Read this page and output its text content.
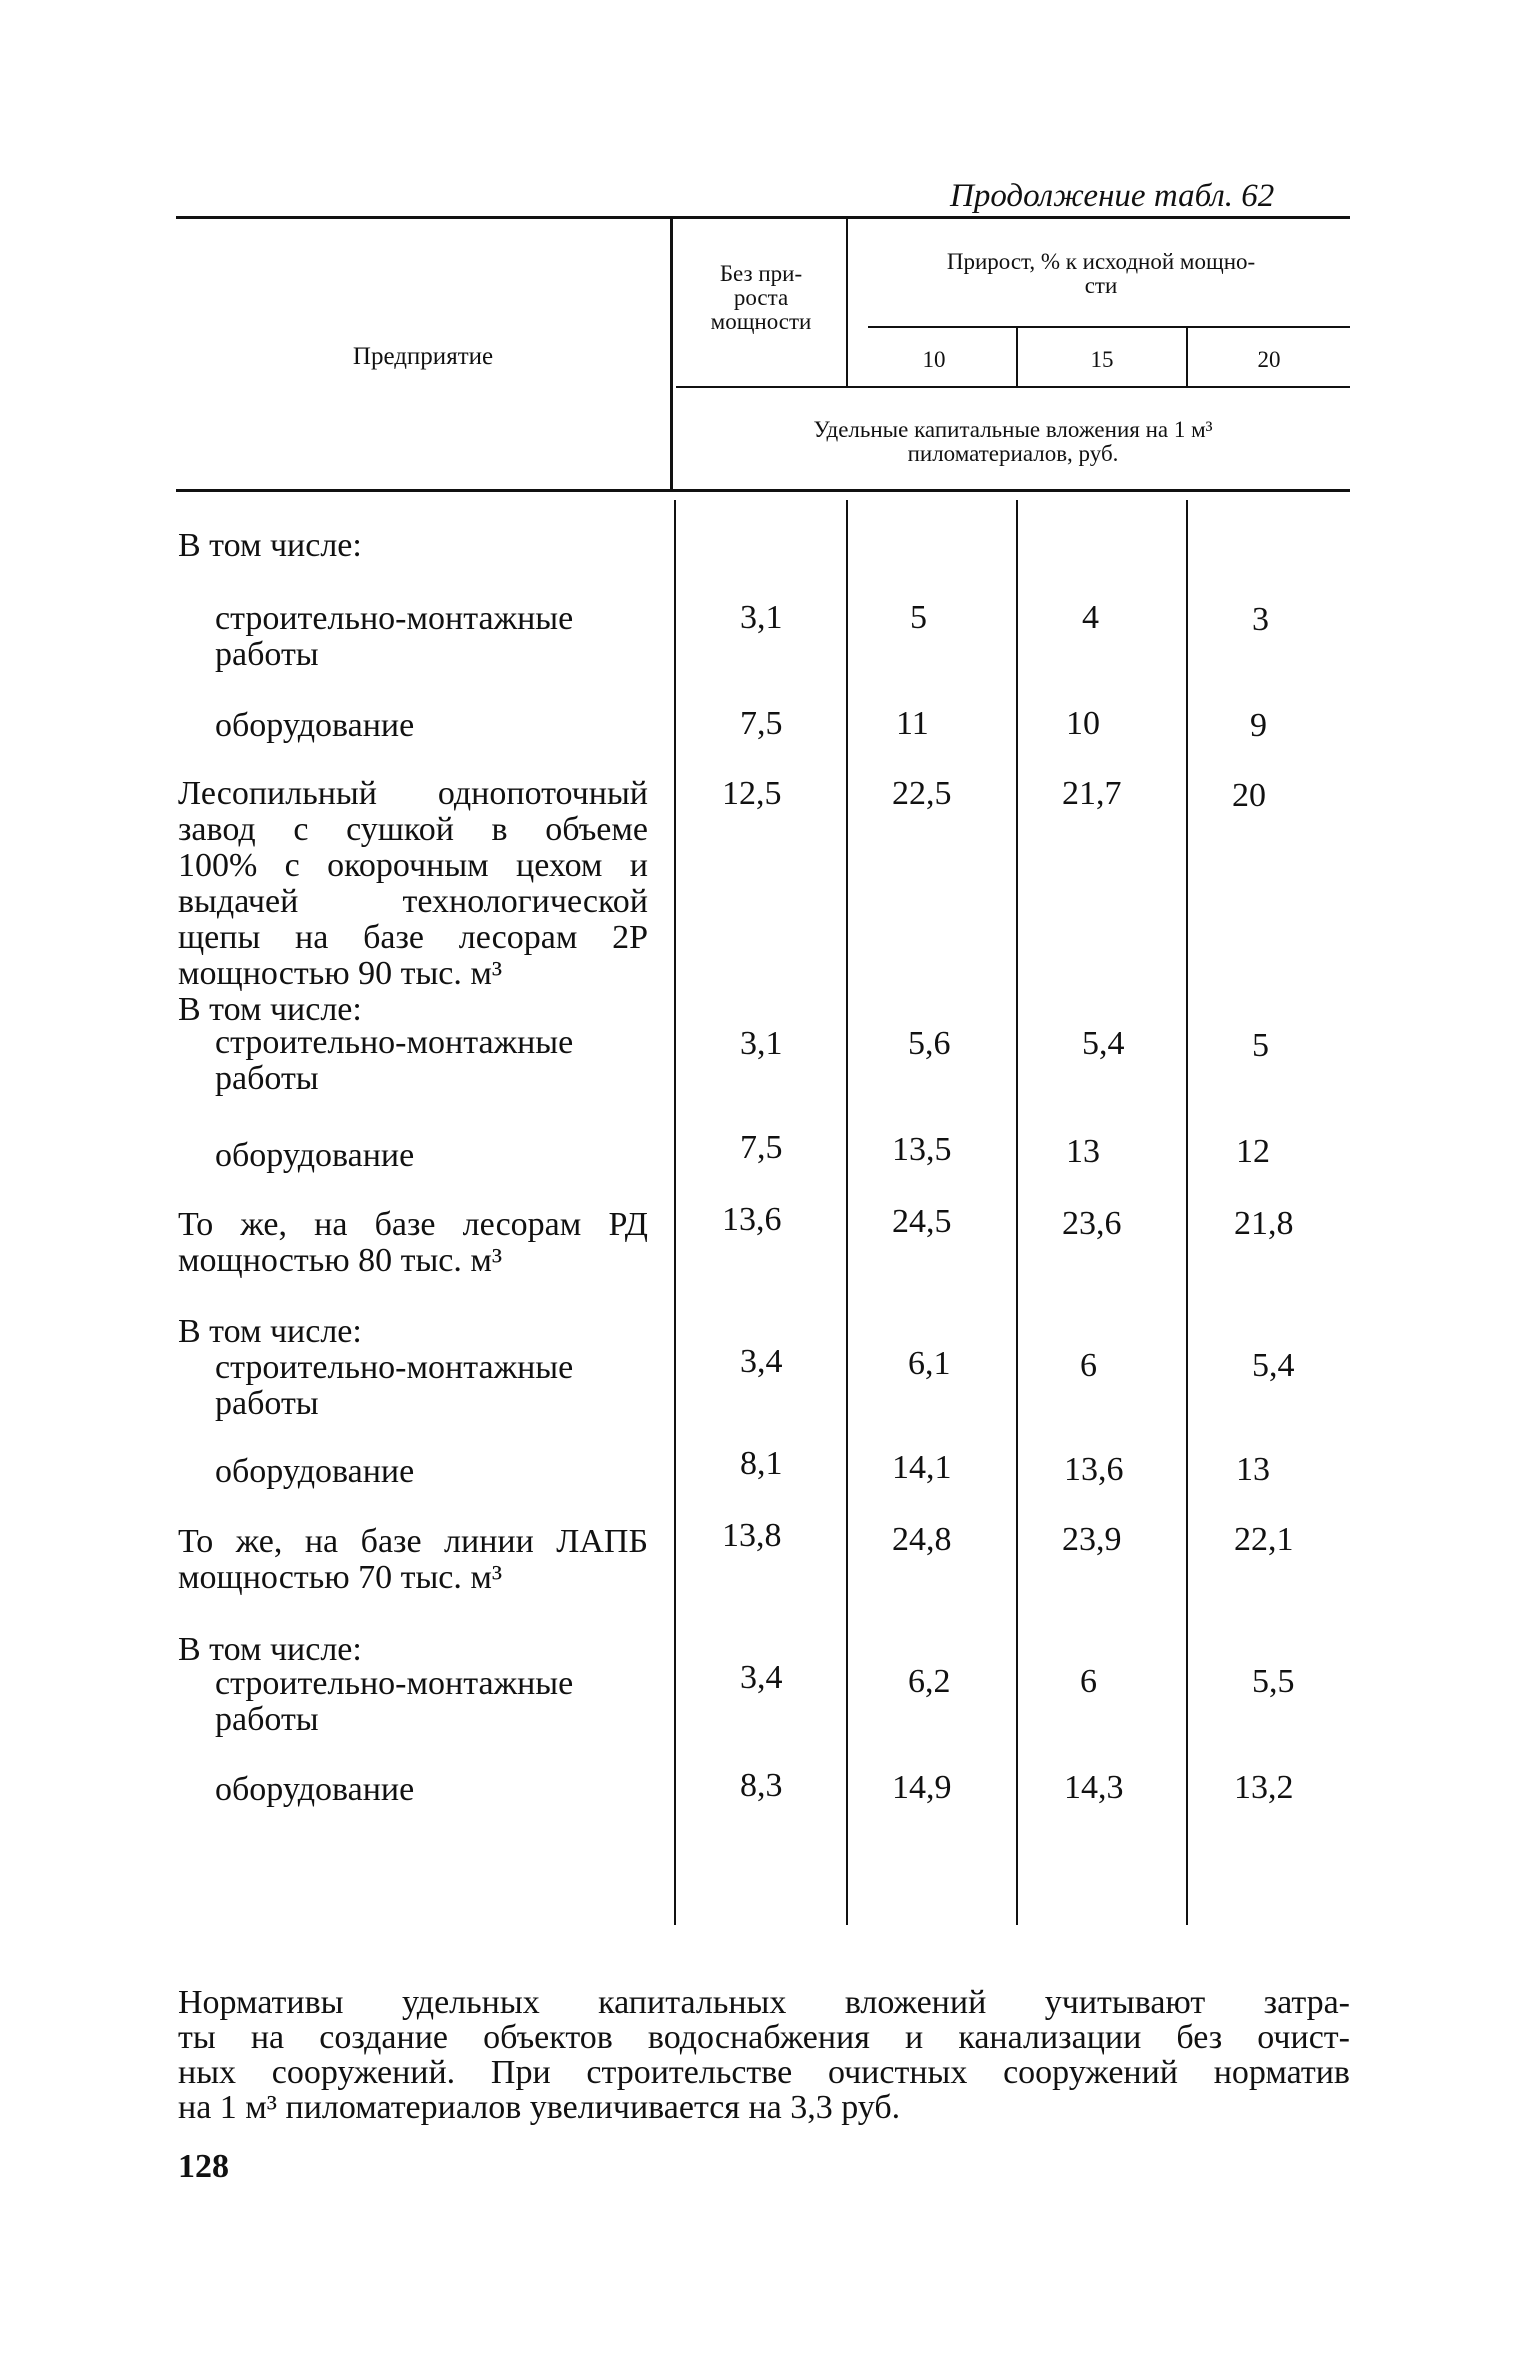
Продолжение табл. 62
Предприятие
Без при-
роста
мощности
Прирост, % к исходной мощно-
сти
10	15	20
Удельные капитальные вложения на 1 м³
пиломатериалов, руб.
В том числе:
строительно-монтажные
работы
3,1	5	4	3
оборудование	7,5	11	10	9
Лесопильный однопоточный
завод с сушкой в объеме
100% с окорочным цехом и
выдачей технологической
щепы на базе лесорам 2Р
мощностью 90 тыс. м³
12,5	22,5	21,7	20
В том числе:
строительно-монтажные
работы
3,1	5,6	5,4	5
оборудование	7,5	13,5	13	12
То же, на базе лесорам РД
мощностью 80 тыс. м³
13,6	24,5	23,6	21,8
В том числе:
строительно-монтажные
работы
3,4	6,1	6	5,4
оборудование	8,1	14,1	13,6	13
То же, на базе линии ЛАПБ
мощностью 70 тыс. м³
13,8	24,8	23,9	22,1
В том числе:
строительно-монтажные
работы
3,4	6,2	6	5,5
оборудование	8,3	14,9	14,3	13,2
Нормативы удельных капитальных вложений учитывают затра-
ты на создание объектов водоснабжения и канализации без очист-
ных сооружений. При строительстве очистных сооружений норматив
на 1 м³ пиломатериалов увеличивается на 3,3 руб.
128
